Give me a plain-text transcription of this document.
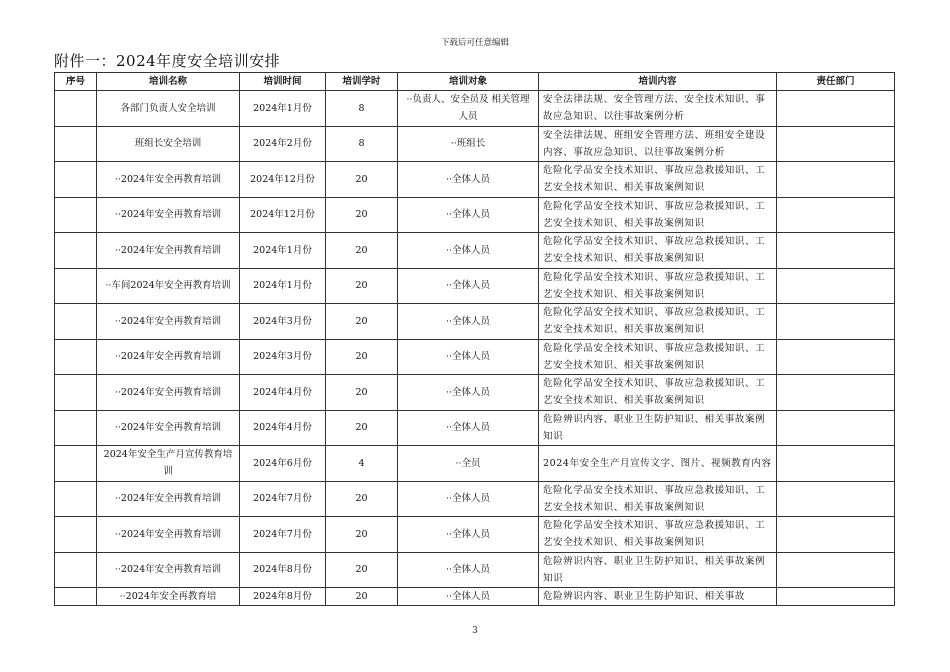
下载后可任意编辑
附件一：2024年度安全培训安排
序号	培训名称	培训时间	培训学时	培训对象	培训内容	责任部门
	各部门负责人安全培训	2024年1月份	8	··负责人、安全员及 相关管理人员	安全法律法规、安全管理方法、安全技术知识、事故应急知识、以往事故案例分析	
	班组长安全培训	2024年2月份	8	··班组长	安全法律法规、班组安全管理方法、班组安全建设内容、事故应急知识、以往事故案例分析	
	··2024年安全再教育培训	2024年12月份	20	··全体人员	危险化学品安全技术知识、事故应急救援知识、工艺安全技术知识、相关事故案例知识	
	··2024年安全再教育培训	2024年12月份	20	··全体人员	危险化学品安全技术知识、事故应急救援知识、工艺安全技术知识、相关事故案例知识	
	··2024年安全再教育培训	2024年1月份	20	··全体人员	危险化学品安全技术知识、事故应急救援知识、工艺安全技术知识、相关事故案例知识	
	··车间2024年安全再教育培训	2024年1月份	20	··全体人员	危险化学品安全技术知识、事故应急救援知识、工艺安全技术知识、相关事故案例知识	
	··2024年安全再教育培训	2024年3月份	20	··全体人员	危险化学品安全技术知识、事故应急救援知识、工艺安全技术知识、相关事故案例知识	
	··2024年安全再教育培训	2024年3月份	20	··全体人员	危险化学品安全技术知识、事故应急救援知识、工艺安全技术知识、相关事故案例知识	
	··2024年安全再教育培训	2024年4月份	20	··全体人员	危险化学品安全技术知识、事故应急救援知识、工艺安全技术知识、相关事故案例知识	
	··2024年安全再教育培训	2024年4月份	20	··全体人员	危险辨识内容、职业卫生防护知识、相关事故案例知识	
	2024年安全生产月宣传教育培训	2024年6月份	4	··全员	2024年安全生产月宣传文字、图片、视频教育内容	
	··2024年安全再教育培训	2024年7月份	20	··全体人员	危险化学品安全技术知识、事故应急救援知识、工艺安全技术知识、相关事故案例知识	
	··2024年安全再教育培训	2024年7月份	20	··全体人员	危险化学品安全技术知识、事故应急救援知识、工艺安全技术知识、相关事故案例知识	
	··2024年安全再教育培训	2024年8月份	20	··全体人员	危险辨识内容、职业卫生防护知识、相关事故案例知识	
	··2024年安全再教育培	2024年8月份	20	··全体人员	危险辨识内容、职业卫生防护知识、相关事故	
3
